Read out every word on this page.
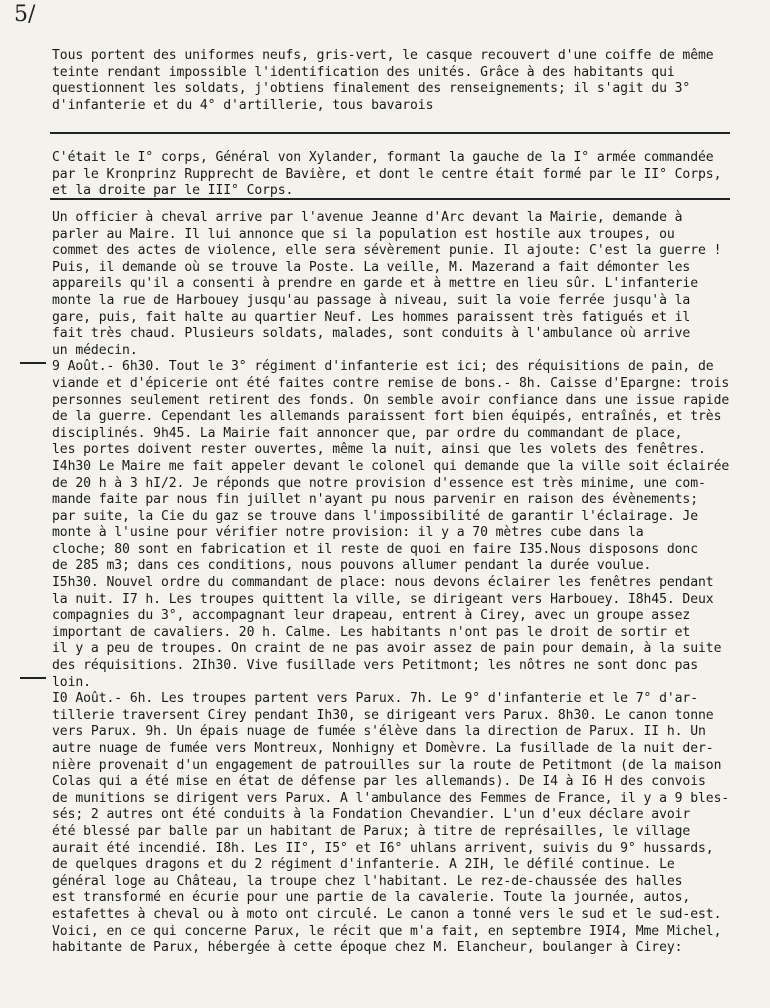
5/
Tous portent des uniformes neufs, gris-vert, le casque recouvert d'une coiffe de même
teinte rendant impossible l'identification des unités. Grâce à des habitants qui
questionnent les soldats, j'obtiens finalement des renseignements; il s'agit du 3°
d'infanterie et du 4° d'artillerie, tous bavarois
C'était le I° corps, Général von Xylander, formant la gauche de la I° armée commandée
par le Kronprinz Rupprecht de Bavière, et dont le centre était formé par le II° Corps,
et la droite par le III° Corps.
Un officier à cheval arrive par l'avenue Jeanne d'Arc devant la Mairie, demande à
parler au Maire. Il lui annonce que si la population est hostile aux troupes, ou
commet des actes de violence, elle sera sévèrement punie. Il ajoute: C'est la guerre !
Puis, il demande où se trouve la Poste. La veille, M. Mazerand a fait démonter les
appareils qu'il a consenti à prendre en garde et à mettre en lieu sûr. L'infanterie
monte la rue de Harbouey jusqu'au passage à niveau, suit la voie ferrée jusqu'à la
gare, puis, fait halte au quartier Neuf. Les hommes paraissent très fatigués et il
fait très chaud. Plusieurs soldats, malades, sont conduits à l'ambulance où arrive
un médecin.
9 Août.- 6h30. Tout le 3° régiment d'infanterie est ici; des réquisitions de pain, de
viande et d'épicerie ont été faites contre remise de bons.- 8h. Caisse d'Epargne: trois
personnes seulement retirent des fonds. On semble avoir confiance dans une issue rapide
de la guerre. Cependant les allemands paraissent fort bien équipés, entraînés, et très
disciplinés. 9h45. La Mairie fait annoncer que, par ordre du commandant de place,
les portes doivent rester ouvertes, même la nuit, ainsi que les volets des fenêtres.
I4h30 Le Maire me fait appeler devant le colonel qui demande que la ville soit éclairée
de 20 h à 3 hI/2. Je réponds que notre provision d'essence est très minime, une com-
mande faite par nous fin juillet n'ayant pu nous parvenir en raison des évènements;
par suite, la Cie du gaz se trouve dans l'impossibilité de garantir l'éclairage. Je
monte à l'usine pour vérifier notre provision: il y a 70 mètres cube dans la
cloche; 80 sont en fabrication et il reste de quoi en faire I35.Nous disposons donc
de 285 m3; dans ces conditions, nous pouvons allumer pendant la durée voulue.
I5h30. Nouvel ordre du commandant de place: nous devons éclairer les fenêtres pendant
la nuit. I7 h. Les troupes quittent la ville, se dirigeant vers Harbouey. I8h45. Deux
compagnies du 3°, accompagnant leur drapeau, entrent à Cirey, avec un groupe assez
important de cavaliers. 20 h. Calme. Les habitants n'ont pas le droit de sortir et
il y a peu de troupes. On craint de ne pas avoir assez de pain pour demain, à la suite
des réquisitions. 2Ih30. Vive fusillade vers Petitmont; les nôtres ne sont donc pas
loin.
I0 Août.- 6h. Les troupes partent vers Parux. 7h. Le 9° d'infanterie et le 7° d'ar-
tillerie traversent Cirey pendant Ih30, se dirigeant vers Parux. 8h30. Le canon tonne
vers Parux. 9h. Un épais nuage de fumée s'élève dans la direction de Parux. II h. Un
autre nuage de fumée vers Montreux, Nonhigny et Domèvre. La fusillade de la nuit der-
nière provenait d'un engagement de patrouilles sur la route de Petitmont (de la maison
Colas qui a été mise en état de défense par les allemands). De I4 à I6 H des convois
de munitions se dirigent vers Parux. A l'ambulance des Femmes de France, il y a 9 bles-
sés; 2 autres ont été conduits à la Fondation Chevandier. L'un d'eux déclare avoir
été blessé par balle par un habitant de Parux; à titre de représailles, le village
aurait été incendié. I8h. Les II°, I5° et I6° uhlans arrivent, suivis du 9° hussards,
de quelques dragons et du 2 régiment d'infanterie. A 2IH, le défilé continue. Le
général loge au Château, la troupe chez l'habitant. Le rez-de-chaussée des halles
est transformé en écurie pour une partie de la cavalerie. Toute la journée, autos,
estafettes à cheval ou à moto ont circulé. Le canon a tonné vers le sud et le sud-est.
Voici, en ce qui concerne Parux, le récit que m'a fait, en septembre I9I4, Mme Michel,
habitante de Parux, hébergée à cette époque chez M. Elancheur, boulanger à Cirey:
